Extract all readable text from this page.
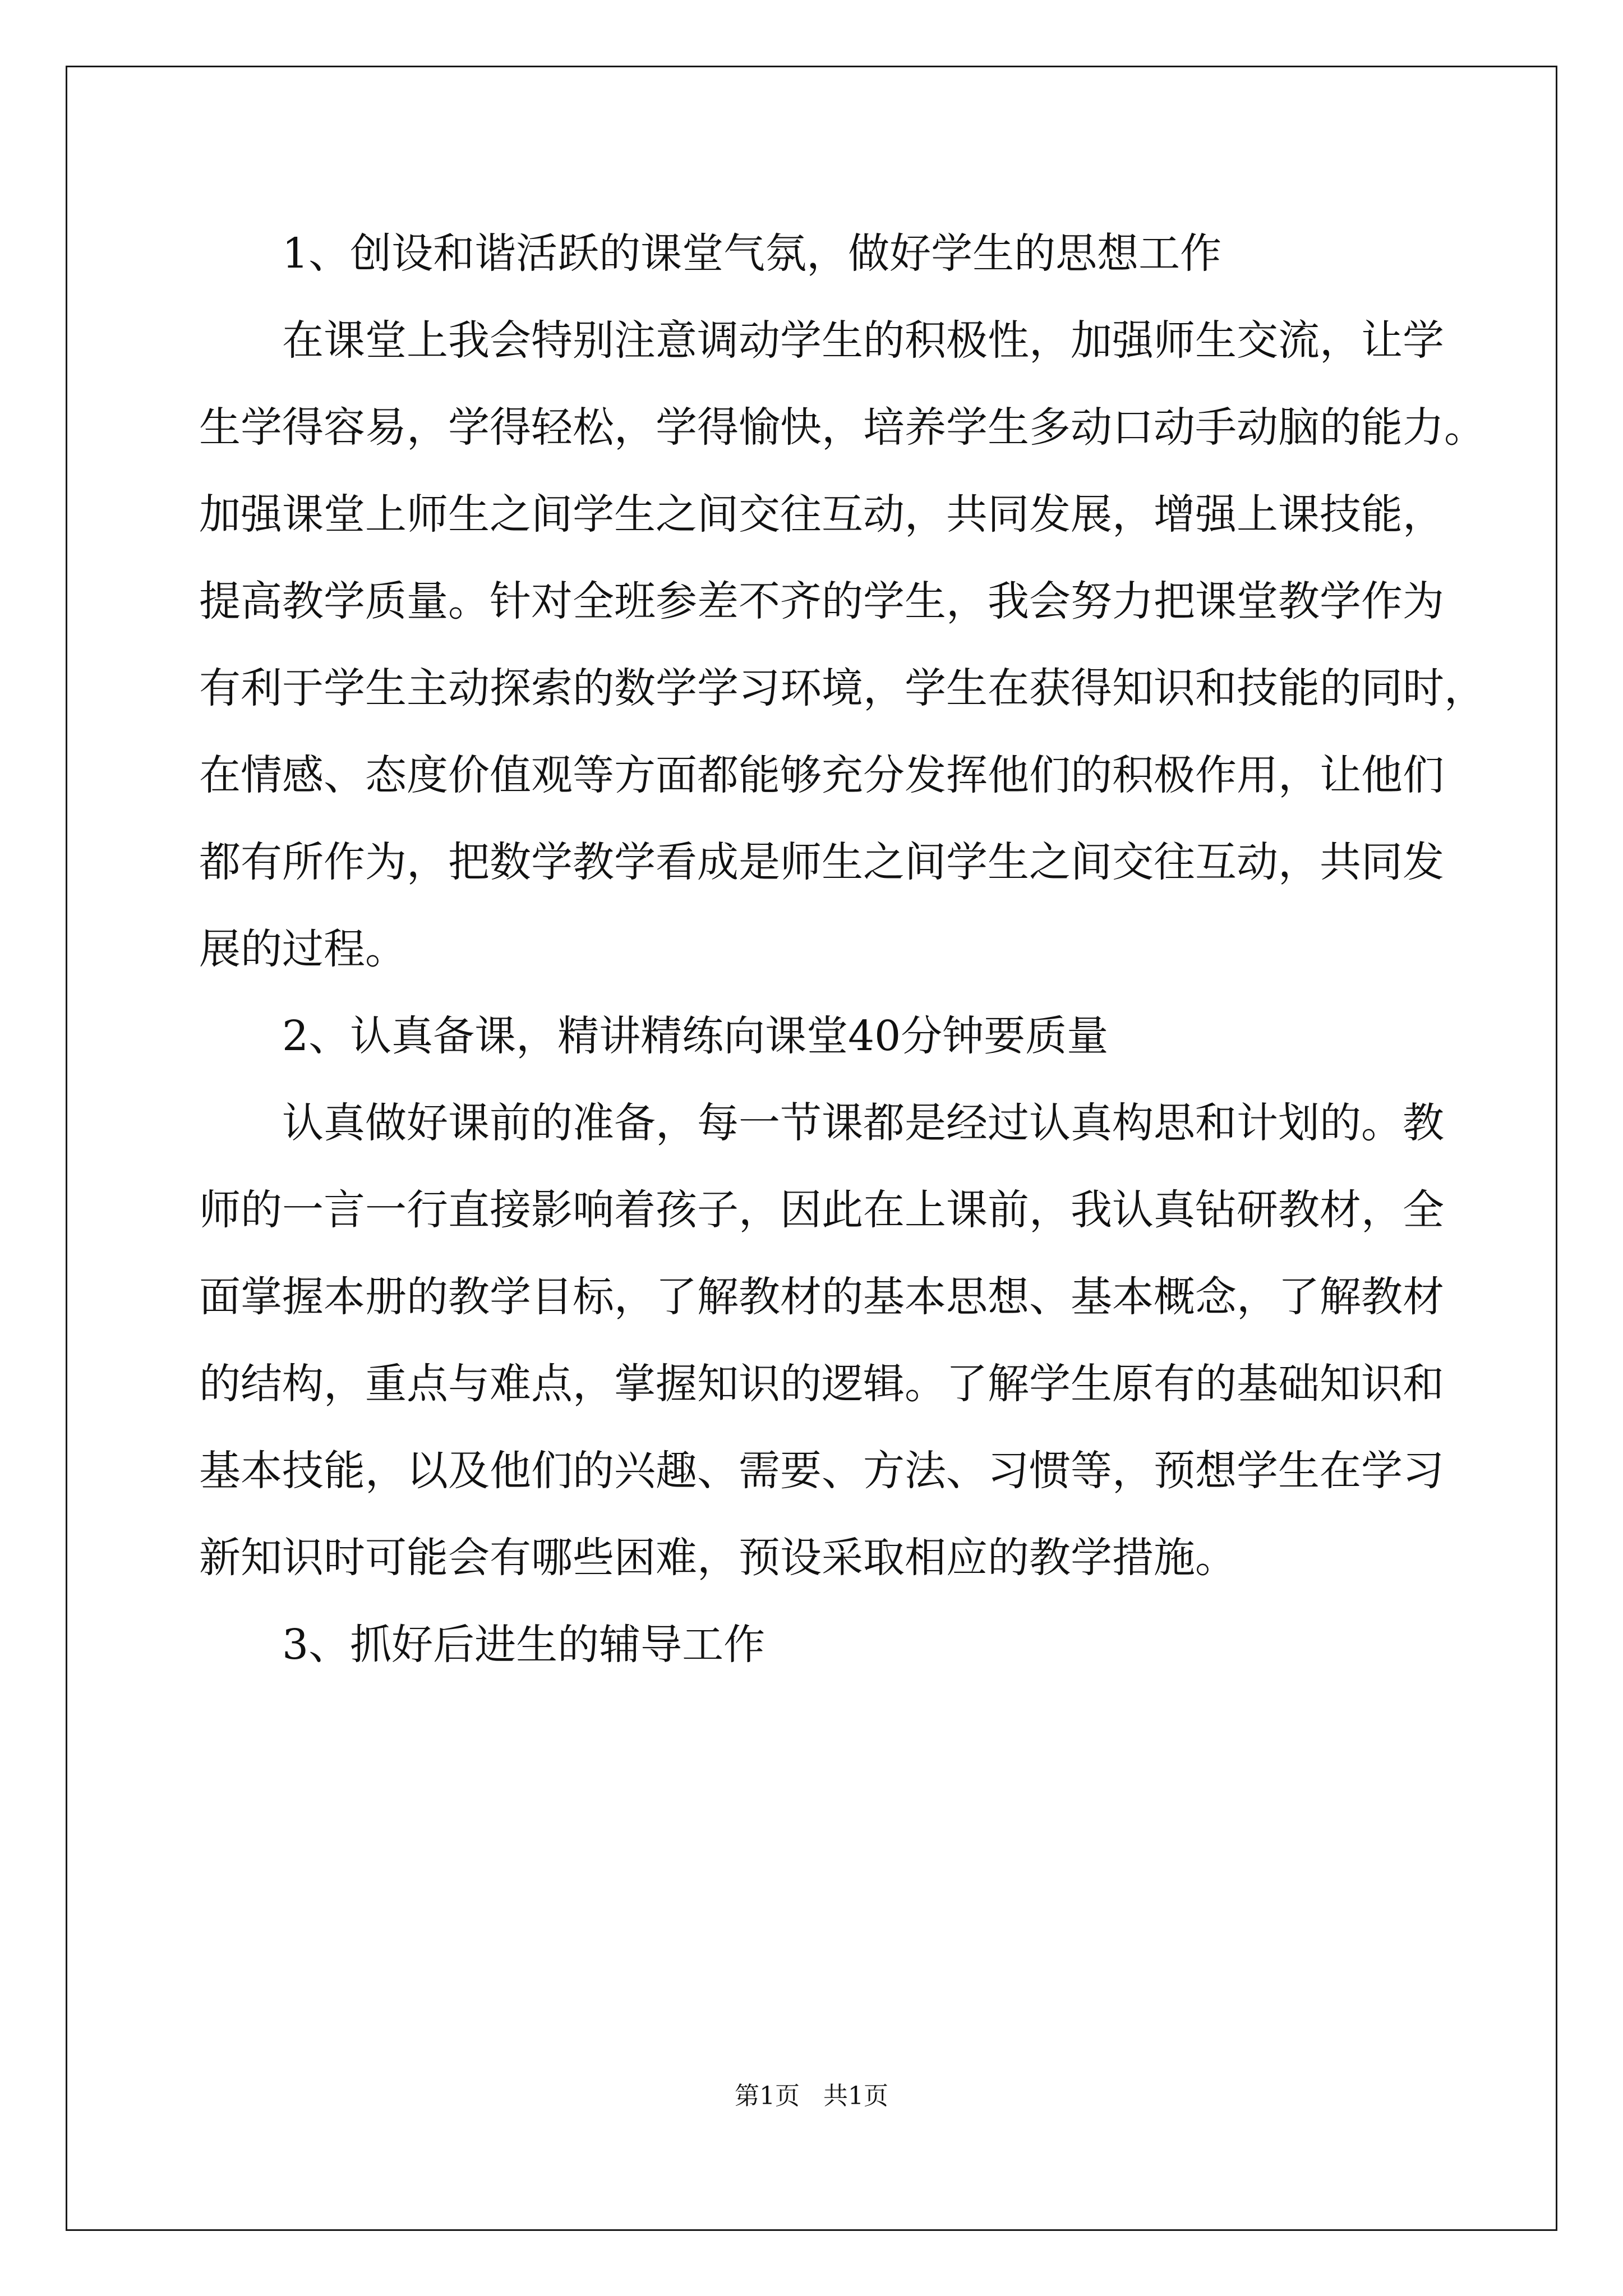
1、创设和谐活跃的课堂气氛，做好学生的思想工作
在课堂上我会特别注意调动学生的积极性，加强师生交流，让学
生学得容易，学得轻松，学得愉快，培养学生多动口动手动脑的能力。
加强课堂上师生之间学生之间交往互动，共同发展，增强上课技能，
提高教学质量。针对全班参差不齐的学生，我会努力把课堂教学作为
有利于学生主动探索的数学学习环境，学生在获得知识和技能的同时，
在情感、态度价值观等方面都能够充分发挥他们的积极作用，让他们
都有所作为，把数学教学看成是师生之间学生之间交往互动，共同发
展的过程。
2、认真备课，精讲精练向课堂40分钟要质量
认真做好课前的准备，每一节课都是经过认真构思和计划的。教
师的一言一行直接影响着孩子，因此在上课前，我认真钻研教材，全
面掌握本册的教学目标，了解教材的基本思想、基本概念，了解教材
的结构，重点与难点，掌握知识的逻辑。了解学生原有的基础知识和
基本技能，以及他们的兴趣、需要、方法、习惯等，预想学生在学习
新知识时可能会有哪些困难，预设采取相应的教学措施。
3、抓好后进生的辅导工作
第1页   共1页
